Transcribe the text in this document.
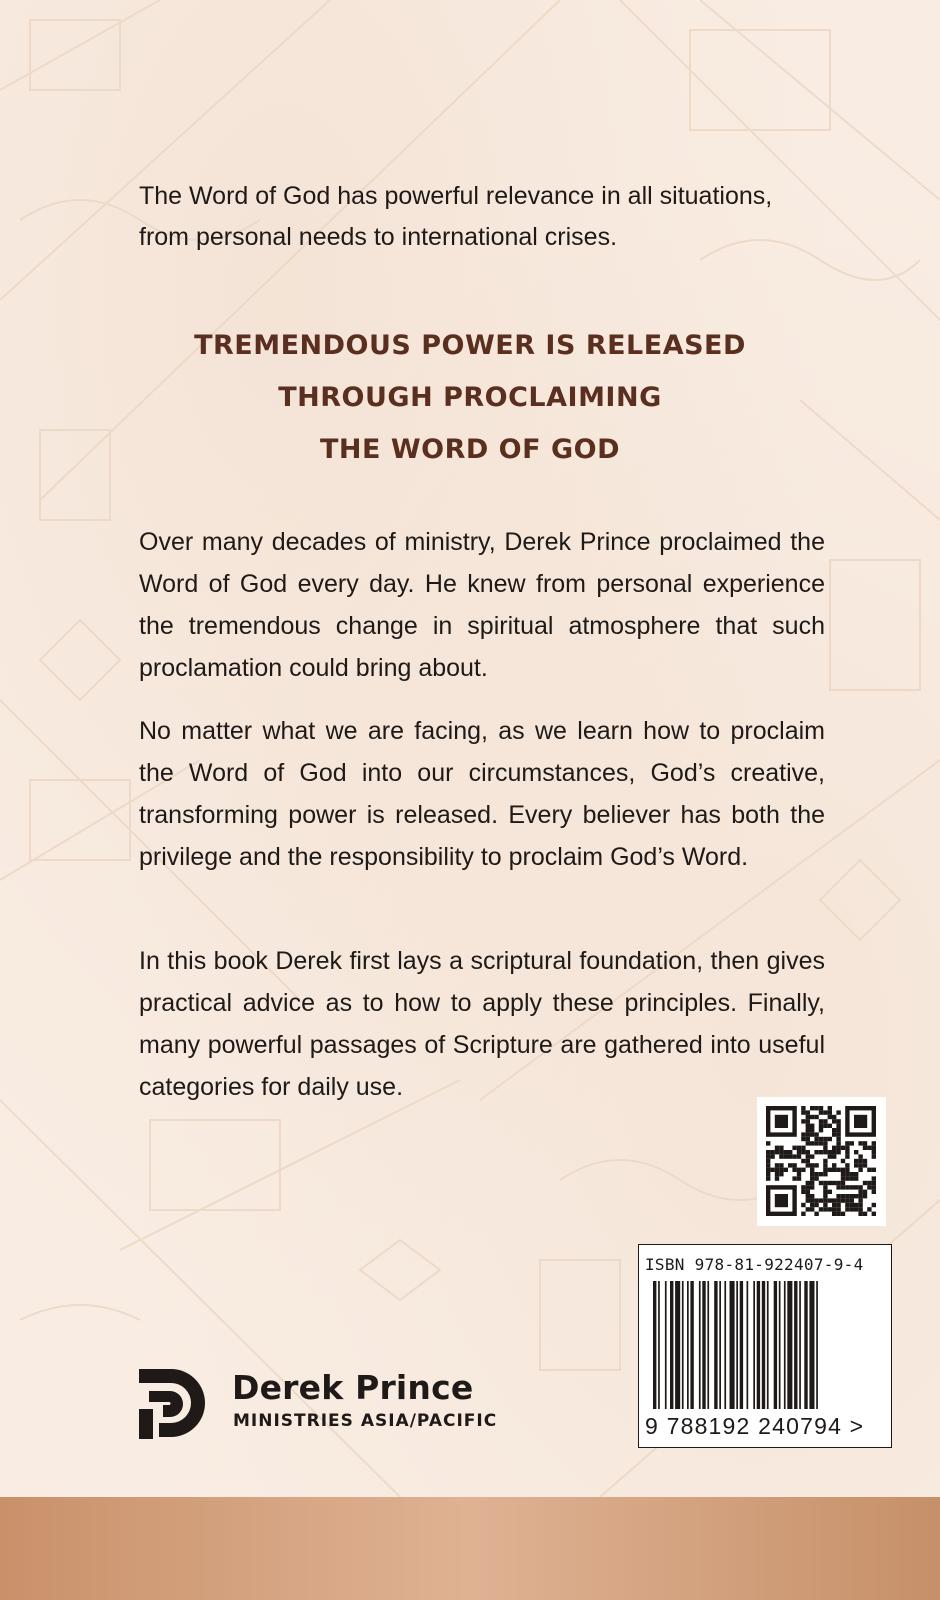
The Word of God has powerful relevance in all situations, from personal needs to international crises.

TREMENDOUS POWER IS RELEASED
THROUGH PROCLAIMING
THE WORD OF GOD

Over many decades of ministry, Derek Prince proclaimed the Word of God every day. He knew from personal experience the tremendous change in spiritual atmosphere that such proclamation could bring about.

No matter what we are facing, as we learn how to proclaim the Word of God into our circumstances, God’s creative, transforming power is released. Every believer has both the privilege and the responsibility to proclaim God’s Word.

In this book Derek first lays a scriptural foundation, then gives practical advice as to how to apply these principles. Finally, many powerful passages of Scripture are gathered into useful categories for daily use.

ISBN 978-81-922407-9-4

9 788192 240794 >

Derek Prince

MINISTRIES ASIA/PACIFIC
